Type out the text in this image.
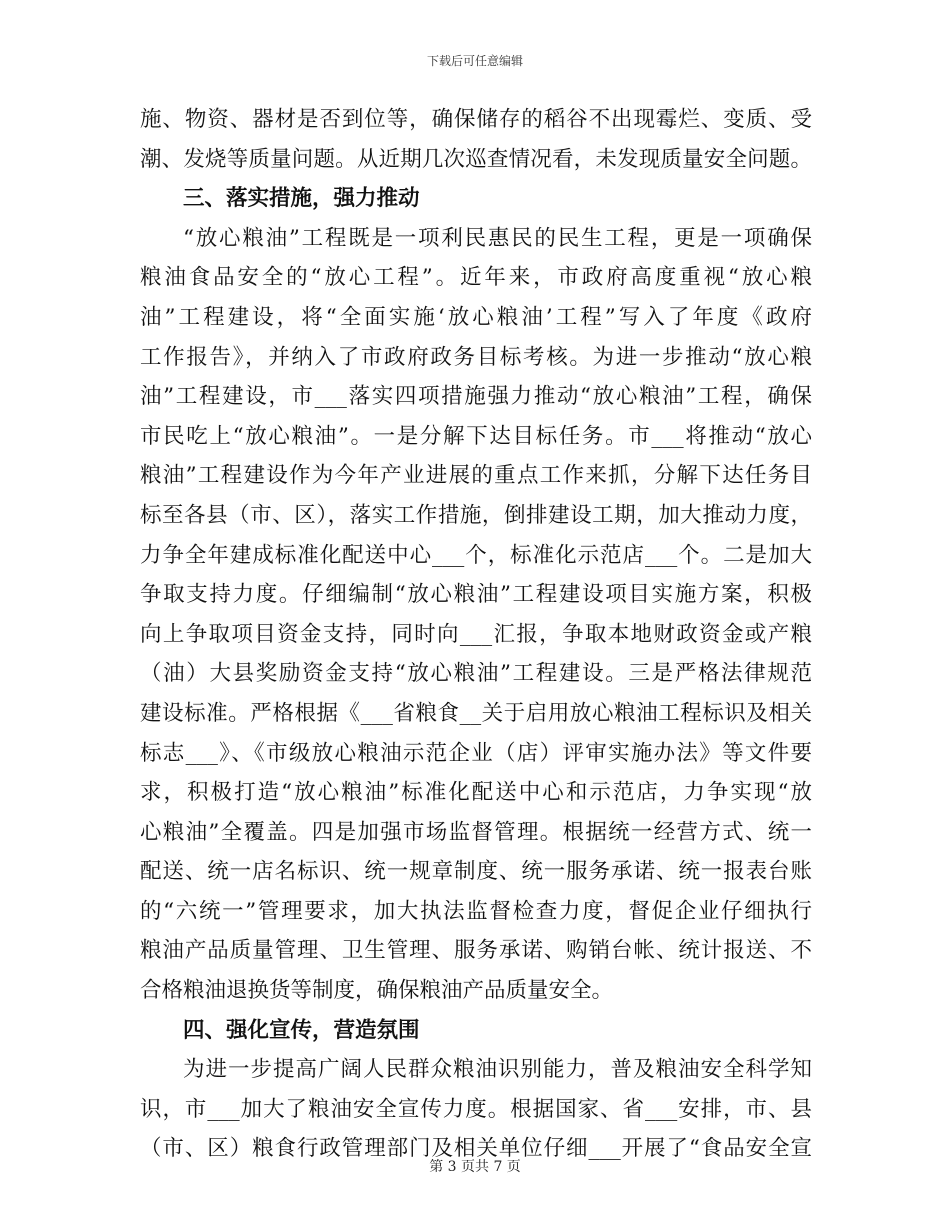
下载后可任意编辑
施、物资、器材是否到位等，确保储存的稻谷不出现霉烂、变质、受
潮、发烧等质量问题。从近期几次巡查情况看，未发现质量安全问题。
三、落实措施，强力推动
“放心粮油”工程既是一项利民惠民的民生工程，更是一项确保
粮油食品安全的“放心工程”。近年来，市政府高度重视“放心粮
油”工程建设，将“全面实施‘放心粮油’工程”写入了年度《政府
工作报告》，并纳入了市政府政务目标考核。为进一步推动“放心粮
油”工程建设，市___落实四项措施强力推动“放心粮油”工程，确保
市民吃上“放心粮油”。一是分解下达目标任务。市___将推动“放心
粮油”工程建设作为今年产业进展的重点工作来抓，分解下达任务目
标至各县（市、区），落实工作措施，倒排建设工期，加大推动力度，
力争全年建成标准化配送中心___个，标准化示范店___个。二是加大
争取支持力度。仔细编制“放心粮油”工程建设项目实施方案，积极
向上争取项目资金支持，同时向___汇报，争取本地财政资金或产粮
（油）大县奖励资金支持“放心粮油”工程建设。三是严格法律规范
建设标准。严格根据《___省粮食__关于启用放心粮油工程标识及相关
标志___》、《市级放心粮油示范企业（店）评审实施办法》等文件要
求，积极打造“放心粮油”标准化配送中心和示范店，力争实现“放
心粮油”全覆盖。四是加强市场监督管理。根据统一经营方式、统一
配送、统一店名标识、统一规章制度、统一服务承诺、统一报表台账
的“六统一”管理要求，加大执法监督检查力度，督促企业仔细执行
粮油产品质量管理、卫生管理、服务承诺、购销台帐、统计报送、不
合格粮油退换货等制度，确保粮油产品质量安全。
四、强化宣传，营造氛围
为进一步提高广阔人民群众粮油识别能力，普及粮油安全科学知
识，市___加大了粮油安全宣传力度。根据国家、省___安排，市、县
（市、区）粮食行政管理部门及相关单位仔细___开展了“食品安全宣
第 3 页共 7 页
